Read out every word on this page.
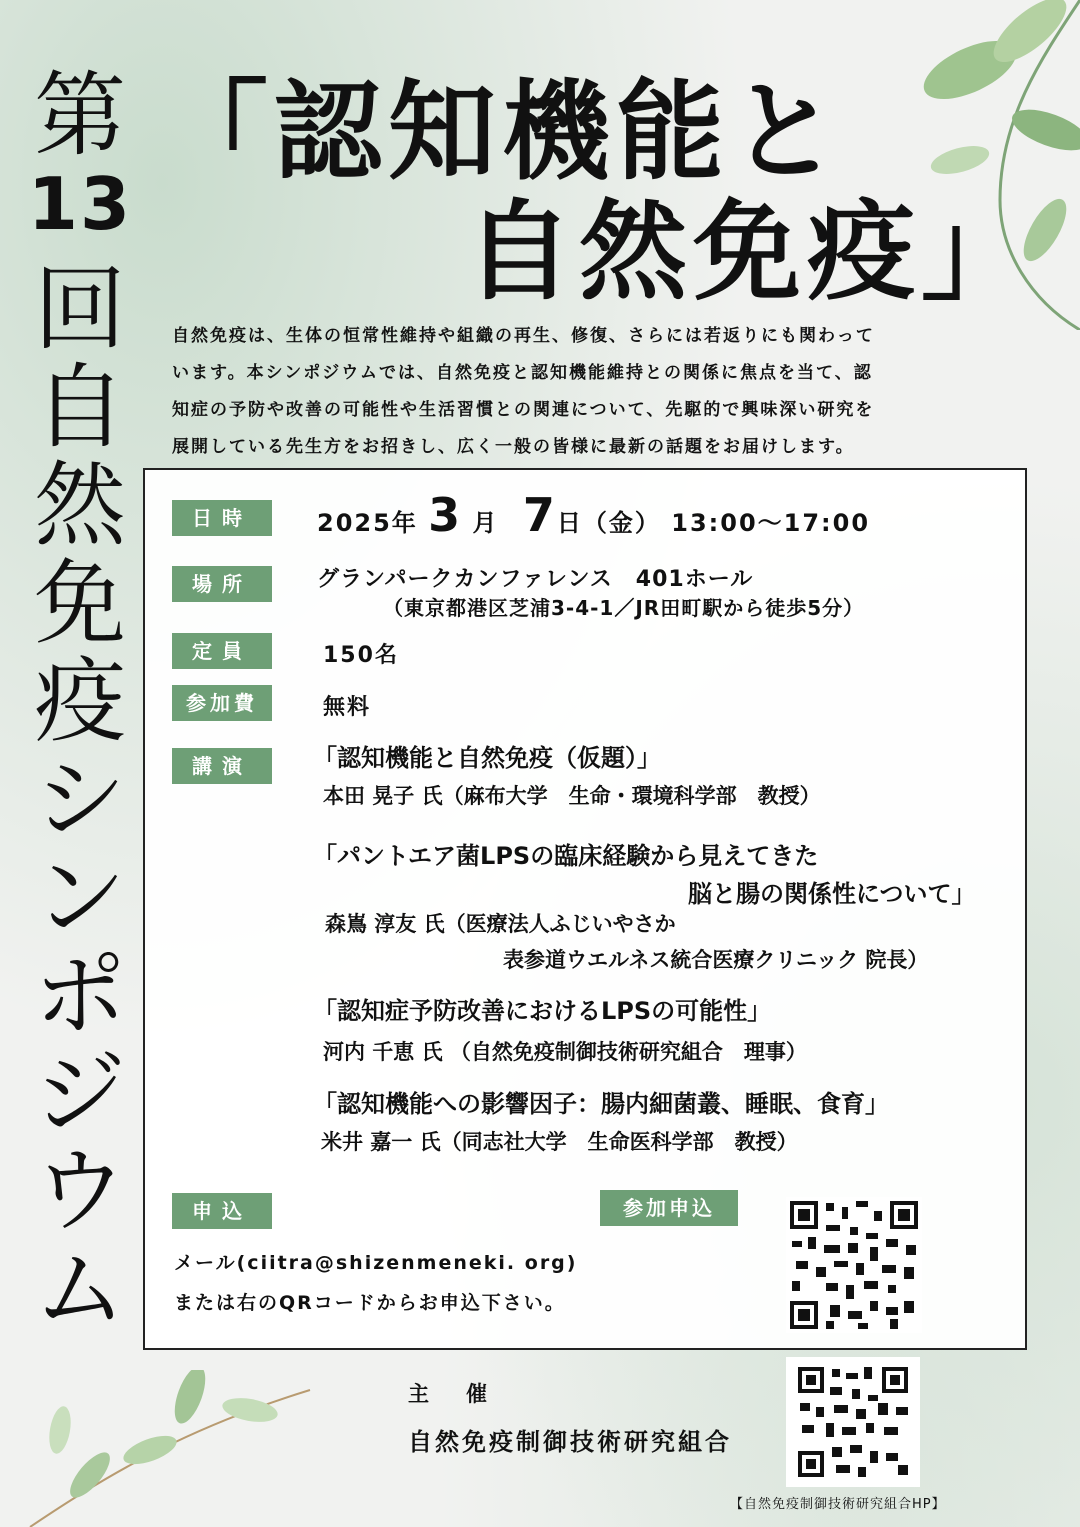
第
13
回
自
然
免
疫
シ
ン
ポ
ジ
ウ
ム
「認知機能と
自然免疫」
自然免疫は、生体の恒常性維持や組織の再生、修復、さらには若返りにも関わって
います。本シンポジウムでは、自然免疫と認知機能維持との関係に焦点を当て、認
知症の予防や改善の可能性や生活習慣との関連について、先駆的で興味深い研究を
展開している先生方をお招きし、広く一般の皆様に最新の話題をお届けします。
日時	2025年 3 月 7日（金） 13:00～17:00
場所	グランパークカンファレンス　401ホール
（東京都港区芝浦3-4-1／JR田町駅から徒歩5分）
定員	150名
参加費	無料
講演	「認知機能と自然免疫（仮題）」
本田 晃子 氏（麻布大学　生命・環境科学部　教授）
「パントエア菌LPSの臨床経験から見えてきた
脳と腸の関係性について」
森嶌 淳友 氏（医療法人ふじいやさか
表参道ウエルネス統合医療クリニック 院長）
「認知症予防改善におけるLPSの可能性」
河内 千恵 氏 （自然免疫制御技術研究組合　理事）
「認知機能への影響因子：腸内細菌叢、睡眠、食育」
米井 嘉一 氏（同志社大学　生命医科学部　教授）
申込	参加申込
メール(ciitra@shizenmeneki. org)
または右のQRコードからお申込下さい。
主　催
自然免疫制御技術研究組合
【自然免疫制御技術研究組合HP】
